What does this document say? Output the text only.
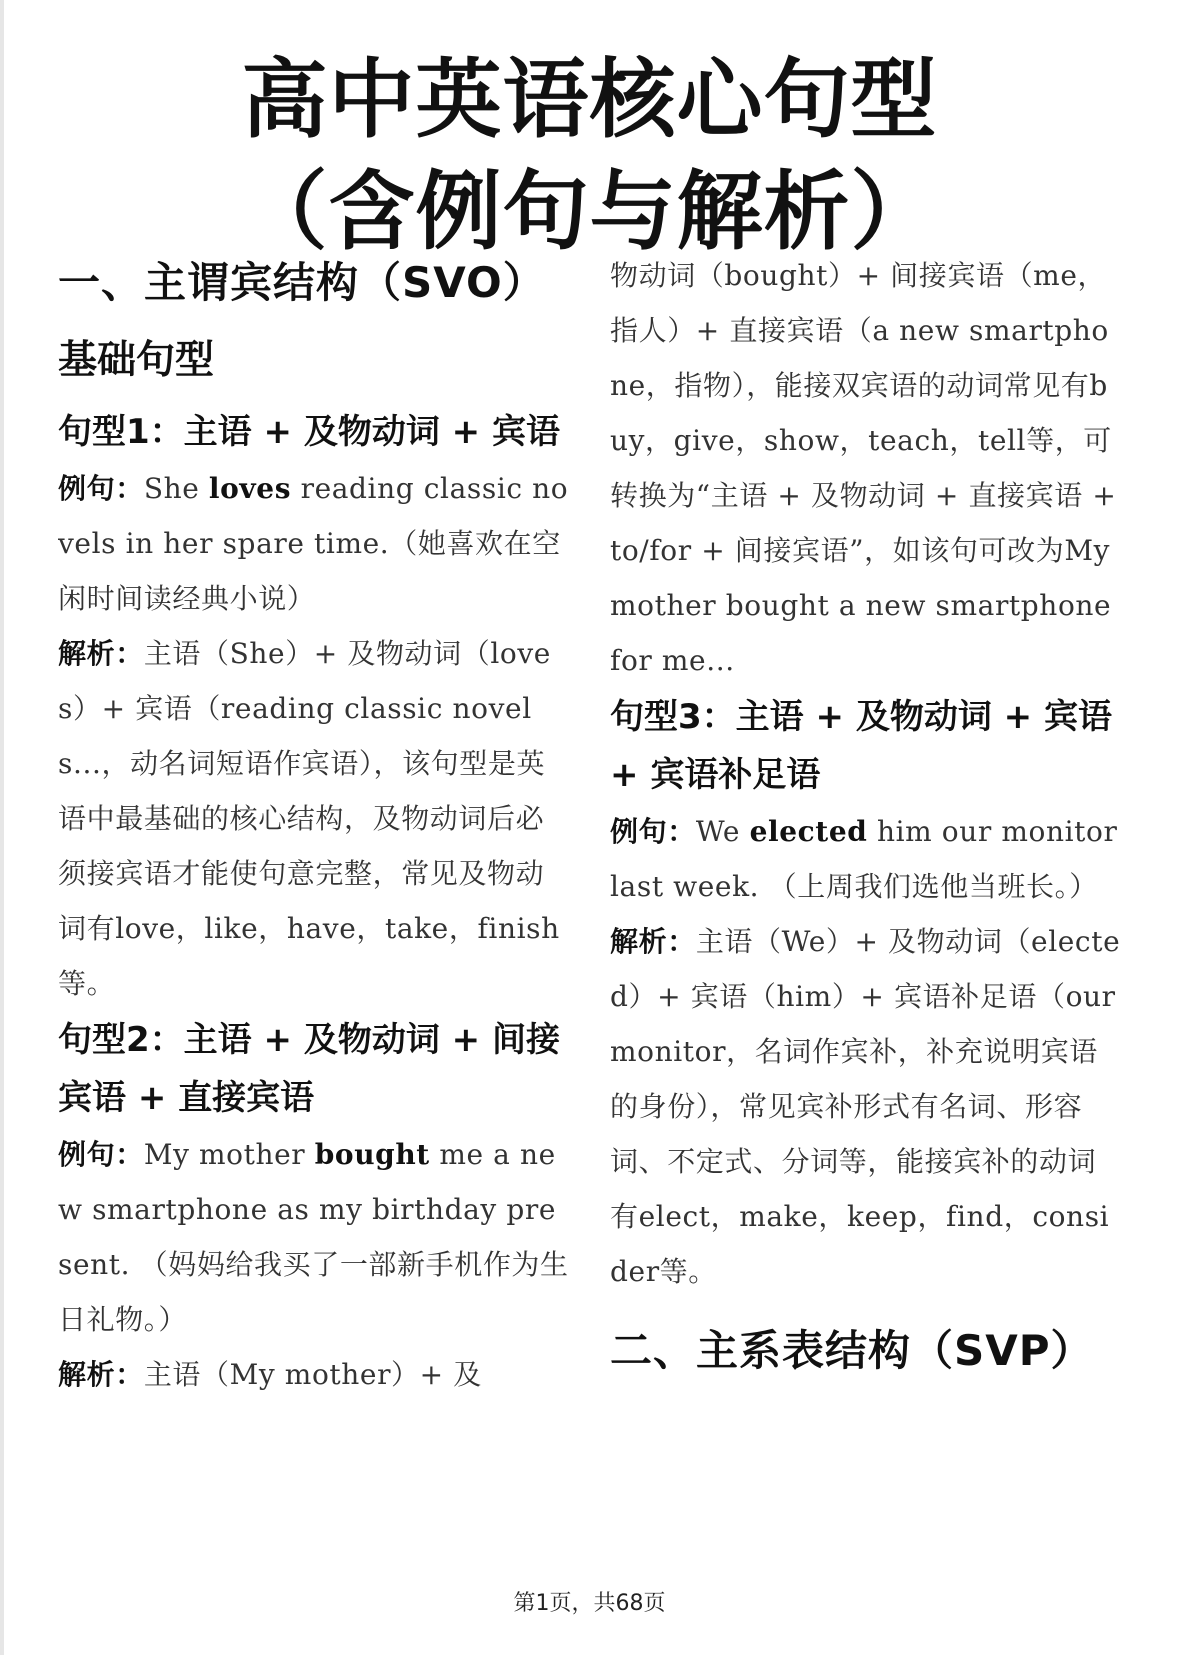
高中英语核心句型
（含例句与解析）
一、主谓宾结构（SVO）
基础句型
句型1：主语 + 及物动词 + 宾语

例句：She loves reading classic novels in her spare time.（她喜欢在空闲时间读经典小说）

解析：主语（She）+ 及物动词（loves）+ 宾语（reading classic novels...，动名词短语作宾语），该句型是英语中最基础的核心结构，及物动词后必须接宾语才能使句意完整，常见及物动词有love，like，have，take，finish等。

句型2：主语 + 及物动词 + 间接宾语 + 直接宾语

例句：My mother bought me a new smartphone as my birthday present. （妈妈给我买了一部新手机作为生日礼物。）

解析：主语（My mother）+ 及

物动词（bought）+ 间接宾语（me，指人）+ 直接宾语（a new smartphone，指物），能接双宾语的动词常见有buy，give，show，teach，tell等，可转换为“主语 + 及物动词 + 直接宾语 + to/for + 间接宾语”，如该句可改为My mother bought a new smartphone for me...

句型3：主语 + 及物动词 + 宾语 + 宾语补足语

例句：We elected him our monitor last week. （上周我们选他当班长。）

解析：主语（We）+ 及物动词（elected）+ 宾语（him）+ 宾语补足语（our monitor，名词作宾补，补充说明宾语的身份），常见宾补形式有名词、形容词、不定式、分词等，能接宾补的动词有elect，make，keep，find，consider等。

二、主系表结构（SVP）
第1页，共68页
